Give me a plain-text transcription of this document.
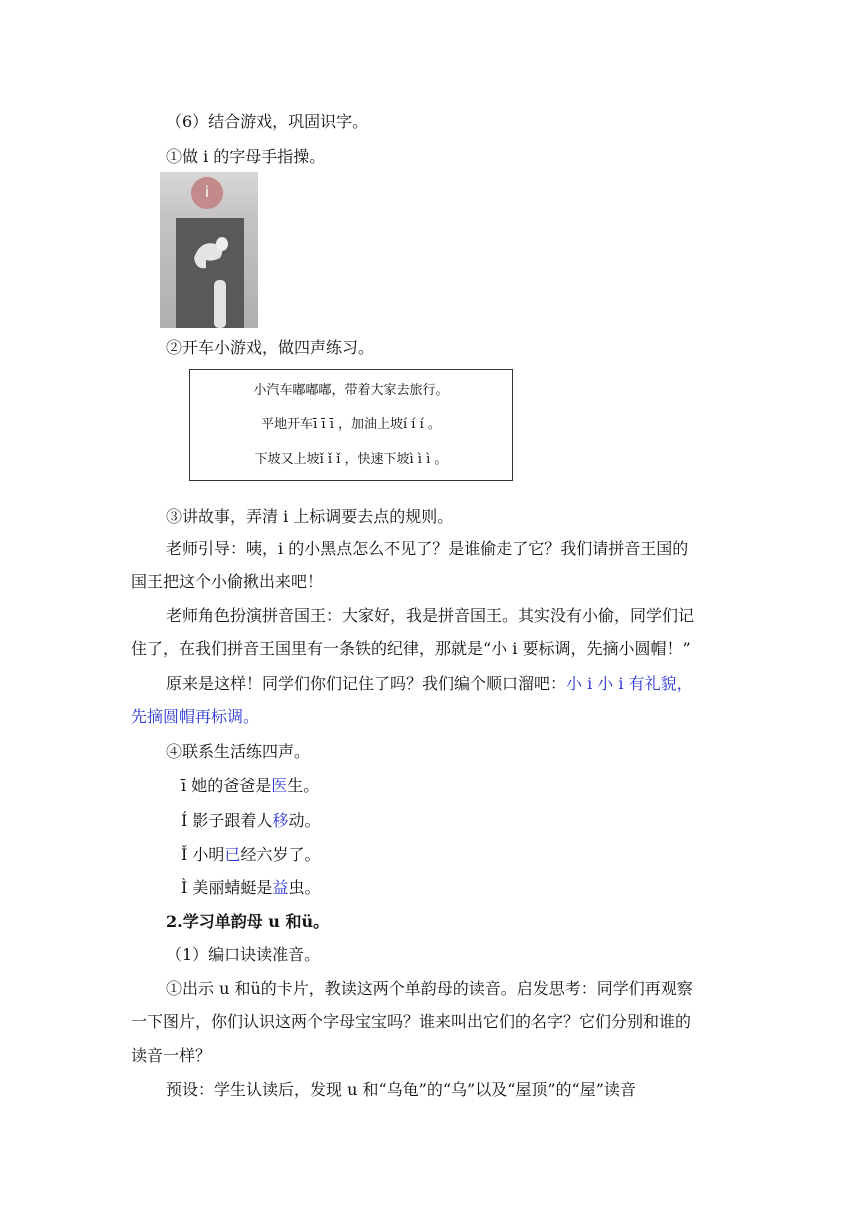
（6）结合游戏，巩固识字。
①做 i 的字母手指操。
i
②开车小游戏，做四声练习。
小汽车嘟嘟嘟，带着大家去旅行。
平地开车ī ī ī ，加油上坡í í í 。
下坡又上坡ǐ ǐ ǐ ，快速下坡ì ì ì 。
③讲故事，弄清 i 上标调要去点的规则。
老师引导：咦，i 的小黑点怎么不见了？是谁偷走了它？我们请拼音王国的
国王把这个小偷揪出来吧！
老师角色扮演拼音国王：大家好，我是拼音国王。其实没有小偷，同学们记
住了，在我们拼音王国里有一条铁的纪律，那就是“小 i 要标调，先摘小圆帽！”
原来是这样！同学们你们记住了吗？我们编个顺口溜吧：小 i 小 i 有礼貌，
先摘圆帽再标调。
④联系生活练四声。
ī 她的爸爸是医生。
Í 影子跟着人移动。
Ǐ 小明已经六岁了。
Ì 美丽蜻蜓是益虫。
2.学习单韵母 u 和ü。
（1）编口诀读准音。
①出示 u 和ü的卡片，教读这两个单韵母的读音。启发思考：同学们再观察
一下图片，你们认识这两个字母宝宝吗？谁来叫出它们的名字？它们分别和谁的
读音一样？
预设：学生认读后，发现 u 和“乌龟”的“乌”以及“屋顶”的“屋”读音
